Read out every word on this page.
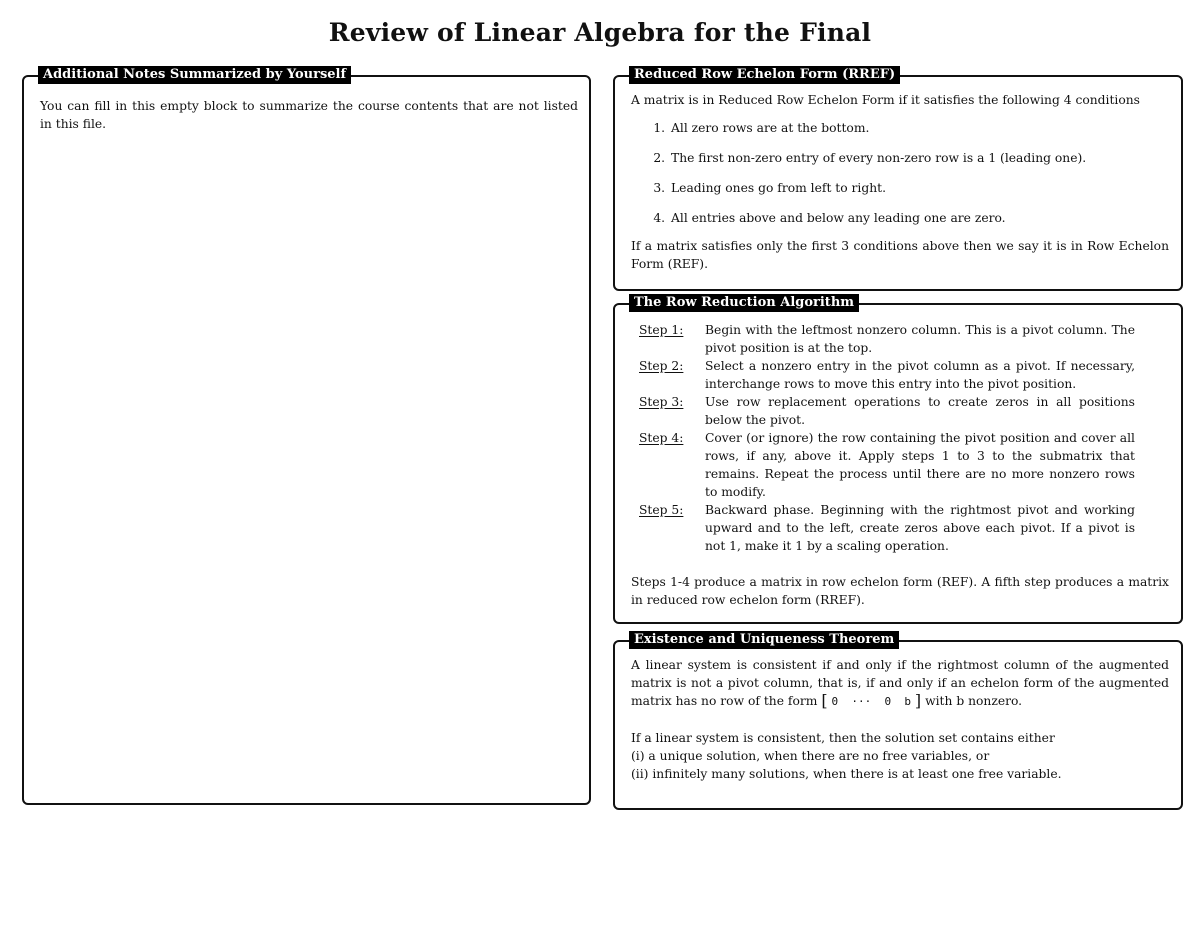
Review of Linear Algebra for the Final
Additional Notes Summarized by Yourself
You can fill in this empty block to summarize the course contents that are not listed in this file.
Reduced Row Echelon Form (RREF)
A matrix is in Reduced Row Echelon Form if it satisfies the following 4 conditions
1. All zero rows are at the bottom.
2. The first non-zero entry of every non-zero row is a 1 (leading one).
3. Leading ones go from left to right.
4. All entries above and below any leading one are zero.
If a matrix satisfies only the first 3 conditions above then we say it is in Row Echelon Form (REF).
The Row Reduction Algorithm
Step 1:	Begin with the leftmost nonzero column. This is a pivot column. The pivot position is at the top.
Step 2:	Select a nonzero entry in the pivot column as a pivot. If necessary, interchange rows to move this entry into the pivot position.
Step 3:	Use row replacement operations to create zeros in all positions below the pivot.
Step 4:	Cover (or ignore) the row containing the pivot position and cover all rows, if any, above it. Apply steps 1 to 3 to the submatrix that remains. Repeat the process until there are no more nonzero rows to modify.
Step 5:	Backward phase. Beginning with the rightmost pivot and working upward and to the left, create zeros above each pivot. If a pivot is not 1, make it 1 by a scaling operation.
Steps 1-4 produce a matrix in row echelon form (REF). A fifth step produces a matrix in reduced row echelon form (RREF).
Existence and Uniqueness Theorem
A linear system is consistent if and only if the rightmost column of the augmented matrix is not a pivot column, that is, if and only if an echelon form of the augmented matrix has no row of the form [ 0  ···  0  b ] with b nonzero.
If a linear system is consistent, then the solution set contains either
(i) a unique solution, when there are no free variables, or
(ii) infinitely many solutions, when there is at least one free variable.
